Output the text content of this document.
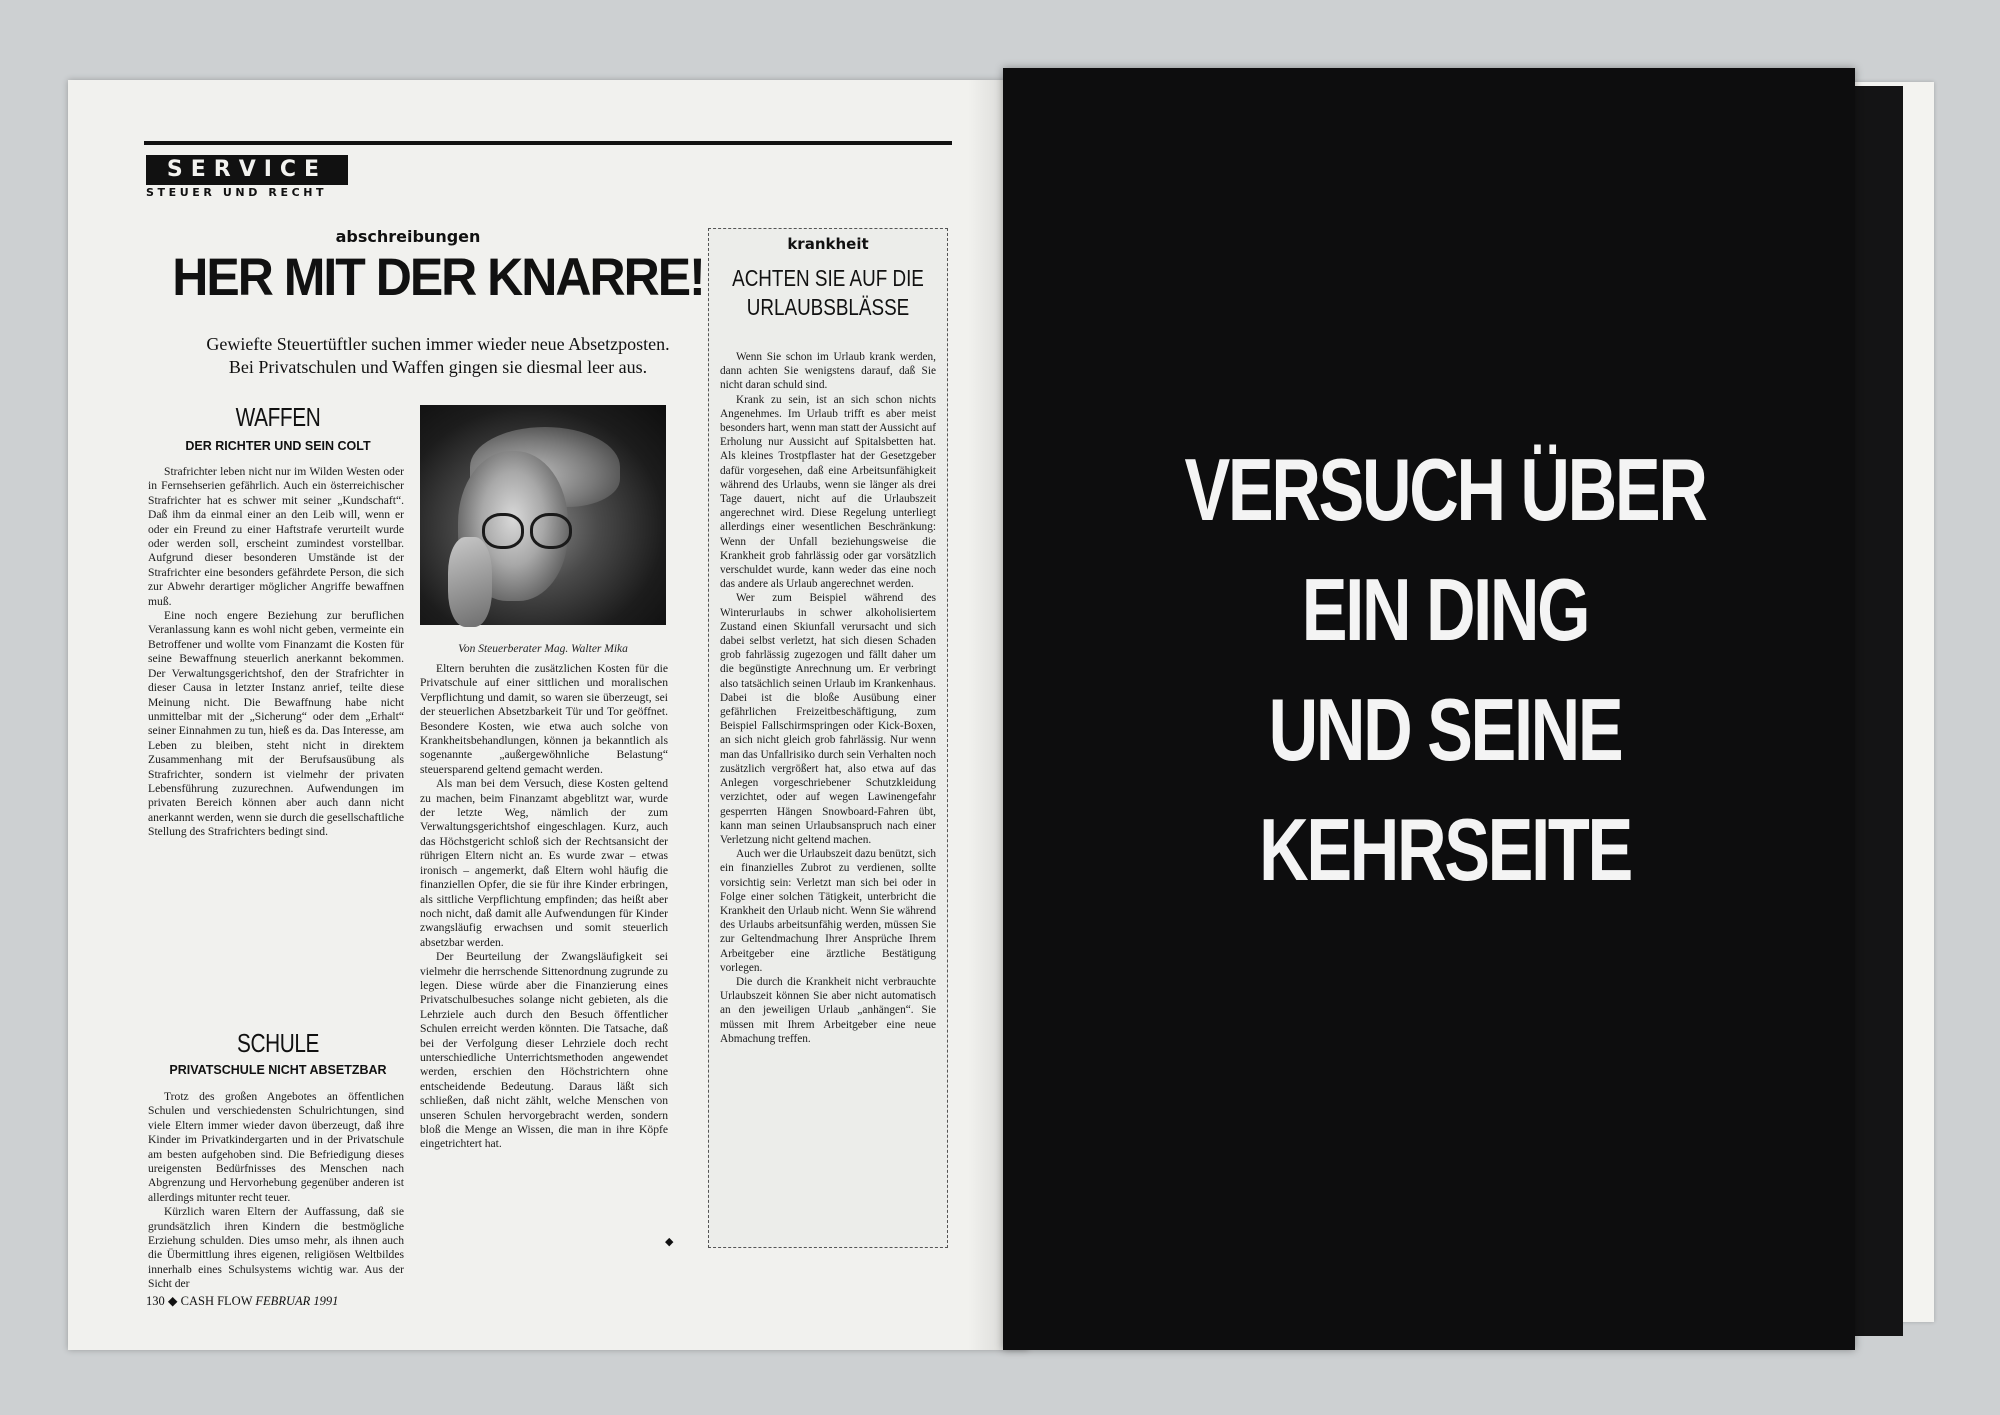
SERVICE
STEUER UND RECHT
abschreibungen
HER MIT DER KNARRE!
Gewiefte Steuertüftler suchen immer wieder neue Absetzposten.
Bei Privatschulen und Waffen gingen sie diesmal leer aus.
WAFFEN
DER RICHTER UND SEIN COLT

Strafrichter leben nicht nur im Wilden Westen oder in Fernsehserien gefährlich. Auch ein österreichischer Strafrichter hat es schwer mit seiner „Kundschaft“. Daß ihm da einmal einer an den Leib will, wenn er oder ein Freund zu einer Haftstrafe verurteilt wurde oder werden soll, erscheint zumindest vorstellbar. Aufgrund dieser besonderen Umstände ist der Strafrichter eine besonders gefährdete Person, die sich zur Abwehr derartiger möglicher Angriffe bewaffnen muß.

Eine noch engere Beziehung zur beruflichen Veranlassung kann es wohl nicht geben, vermeinte ein Betroffener und wollte vom Finanzamt die Kosten für seine Bewaffnung steuerlich anerkannt bekommen. Der Verwaltungsgerichtshof, den der Strafrichter in dieser Causa in letzter Instanz anrief, teilte diese Meinung nicht. Die Bewaffnung habe nicht unmittelbar mit der „Sicherung“ oder dem „Erhalt“ seiner Einnahmen zu tun, hieß es da. Das Interesse, am Leben zu bleiben, steht nicht in direktem Zusammenhang mit der Berufsausübung als Strafrichter, sondern ist vielmehr der privaten Lebensführung zuzurechnen. Aufwendungen im privaten Bereich können aber auch dann nicht anerkannt werden, wenn sie durch die gesellschaftliche Stellung des Strafrichters bedingt sind.

SCHULE
PRIVATSCHULE NICHT ABSETZBAR

Trotz des großen Angebotes an öffentlichen Schulen und verschiedensten Schulrichtungen, sind viele Eltern immer wieder davon überzeugt, daß ihre Kinder im Privatkindergarten und in der Privatschule am besten aufgehoben sind. Die Befriedigung dieses ureigensten Bedürfnisses des Menschen nach Abgrenzung und Hervorhebung gegenüber anderen ist allerdings mitunter recht teuer.

Kürzlich waren Eltern der Auffassung, daß sie grundsätzlich ihren Kindern die bestmögliche Erziehung schulden. Dies umso mehr, als ihnen auch die Übermittlung ihres eigenen, religiösen Weltbildes innerhalb eines Schulsystems wichtig war. Aus der Sicht der

Von Steuerberater Mag. Walter Mika

Eltern beruhten die zusätzlichen Kosten für die Privatschule auf einer sittlichen und moralischen Verpflichtung und damit, so waren sie überzeugt, sei der steuerlichen Absetzbarkeit Tür und Tor geöffnet. Besondere Kosten, wie etwa auch solche von Krankheitsbehandlungen, können ja bekanntlich als sogenannte „außergewöhnliche Belastung“ steuersparend geltend gemacht werden.

Als man bei dem Versuch, diese Kosten geltend zu machen, beim Finanzamt abgeblitzt war, wurde der letzte Weg, nämlich der zum Verwaltungsgerichtshof eingeschlagen. Kurz, auch das Höchstgericht schloß sich der Rechtsansicht der rührigen Eltern nicht an. Es wurde zwar – etwas ironisch – angemerkt, daß Eltern wohl häufig die finanziellen Opfer, die sie für ihre Kinder erbringen, als sittliche Verpflichtung empfinden; das heißt aber noch nicht, daß damit alle Aufwendungen für Kinder zwangsläufig erwachsen und somit steuerlich absetzbar werden.

Der Beurteilung der Zwangsläufigkeit sei vielmehr die herrschende Sittenordnung zugrunde zu legen. Diese würde aber die Finanzierung eines Privatschulbesuches solange nicht gebieten, als die Lehrziele auch durch den Besuch öffentlicher Schulen erreicht werden könnten. Die Tatsache, daß bei der Verfolgung dieser Lehrziele doch recht unterschiedliche Unterrichtsmethoden angewendet werden, erschien den Höchstrichtern ohne entscheidende Bedeutung. Daraus läßt sich schließen, daß nicht zählt, welche Menschen von unseren Schulen hervorgebracht werden, sondern bloß die Menge an Wissen, die man in ihre Köpfe eingetrichtert hat.

◆
krankheit
ACHTEN SIE AUF DIE
URLAUBSBLÄSSE

Wenn Sie schon im Urlaub krank werden, dann achten Sie wenigstens darauf, daß Sie nicht daran schuld sind.

Krank zu sein, ist an sich schon nichts Angenehmes. Im Urlaub trifft es aber meist besonders hart, wenn man statt der Aussicht auf Erholung nur Aussicht auf Spitalsbetten hat. Als kleines Trostpflaster hat der Gesetzgeber dafür vorgesehen, daß eine Arbeitsunfähigkeit während des Urlaubs, wenn sie länger als drei Tage dauert, nicht auf die Urlaubszeit angerechnet wird. Diese Regelung unterliegt allerdings einer wesentlichen Beschränkung: Wenn der Unfall beziehungsweise die Krankheit grob fahrlässig oder gar vorsätzlich verschuldet wurde, kann weder das eine noch das andere als Urlaub angerechnet werden.

Wer zum Beispiel während des Winterurlaubs in schwer alkoholisiertem Zustand einen Skiunfall verursacht und sich dabei selbst verletzt, hat sich diesen Schaden grob fahrlässig zugezogen und fällt daher um die begünstigte Anrechnung um. Er verbringt also tatsächlich seinen Urlaub im Krankenhaus. Dabei ist die bloße Ausübung einer gefährlichen Freizeitbeschäftigung, zum Beispiel Fallschirmspringen oder Kick-Boxen, an sich nicht gleich grob fahrlässig. Nur wenn man das Unfallrisiko durch sein Verhalten noch zusätzlich vergrößert hat, also etwa auf das Anlegen vorgeschriebener Schutzkleidung verzichtet, oder auf wegen Lawinengefahr gesperrten Hängen Snowboard-Fahren übt, kann man seinen Urlaubsanspruch nach einer Verletzung nicht geltend machen.

Auch wer die Urlaubszeit dazu benützt, sich ein finanzielles Zubrot zu verdienen, sollte vorsichtig sein: Verletzt man sich bei oder in Folge einer solchen Tätigkeit, unterbricht die Krankheit den Urlaub nicht. Wenn Sie während des Urlaubs arbeitsunfähig werden, müssen Sie zur Geltendmachung Ihrer Ansprüche Ihrem Arbeitgeber eine ärztliche Bestätigung vorlegen.

Die durch die Krankheit nicht verbrauchte Urlaubszeit können Sie aber nicht automatisch an den jeweiligen Urlaub „anhängen“. Sie müssen mit Ihrem Arbeitgeber eine neue Abmachung treffen.

130 ◆ CASH FLOW FEBRUAR 1991
VERSUCH ÜBER
EIN DING
UND SEINE
KEHRSEITE
